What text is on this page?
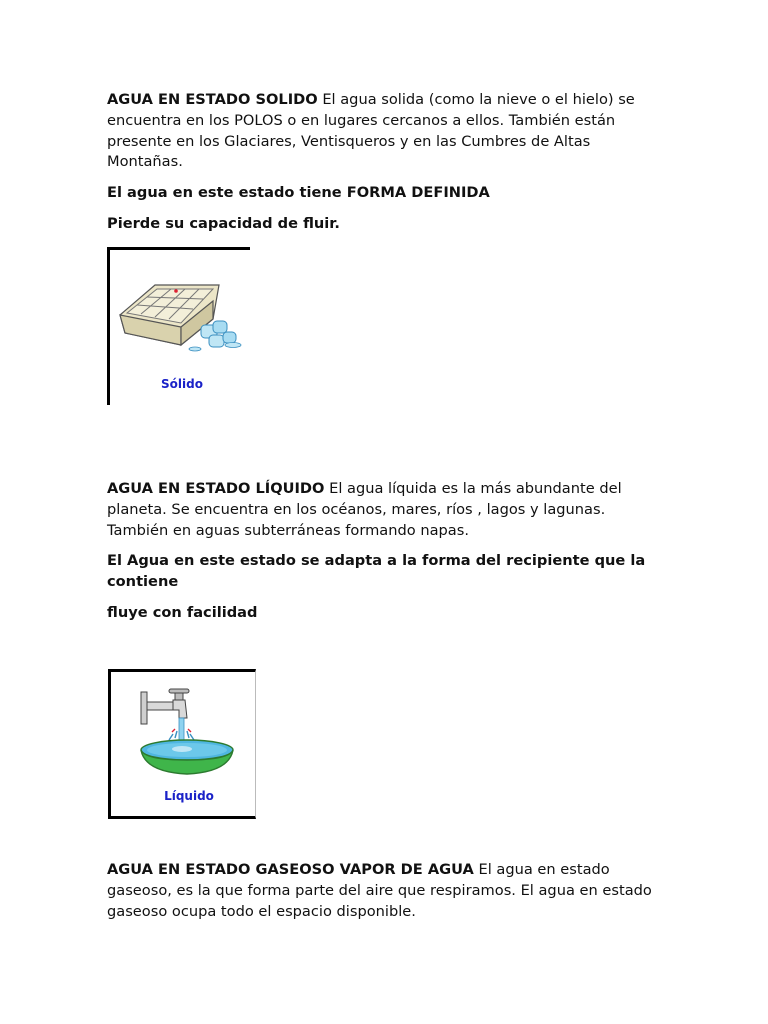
AGUA EN ESTADO SOLIDO El agua solida (como la nieve o el hielo) se encuentra en los POLOS o en lugares cercanos a ellos. También están presente en los Glaciares, Ventisqueros y en las Cumbres de Altas Montañas.

El agua en este estado tiene FORMA DEFINIDA

Pierde su capacidad de fluir.

Sólido

AGUA EN ESTADO LÍQUIDO El agua líquida es la más abundante del planeta. Se encuentra en los océanos, mares, ríos , lagos y lagunas. También en aguas subterráneas formando napas.

El Agua en este estado se adapta a la forma del recipiente que la contiene

fluye con facilidad

Líquido

AGUA EN ESTADO GASEOSO VAPOR DE AGUA El agua en estado gaseoso, es la que forma parte del aire que respiramos. El agua en estado gaseoso ocupa todo el espacio disponible.
